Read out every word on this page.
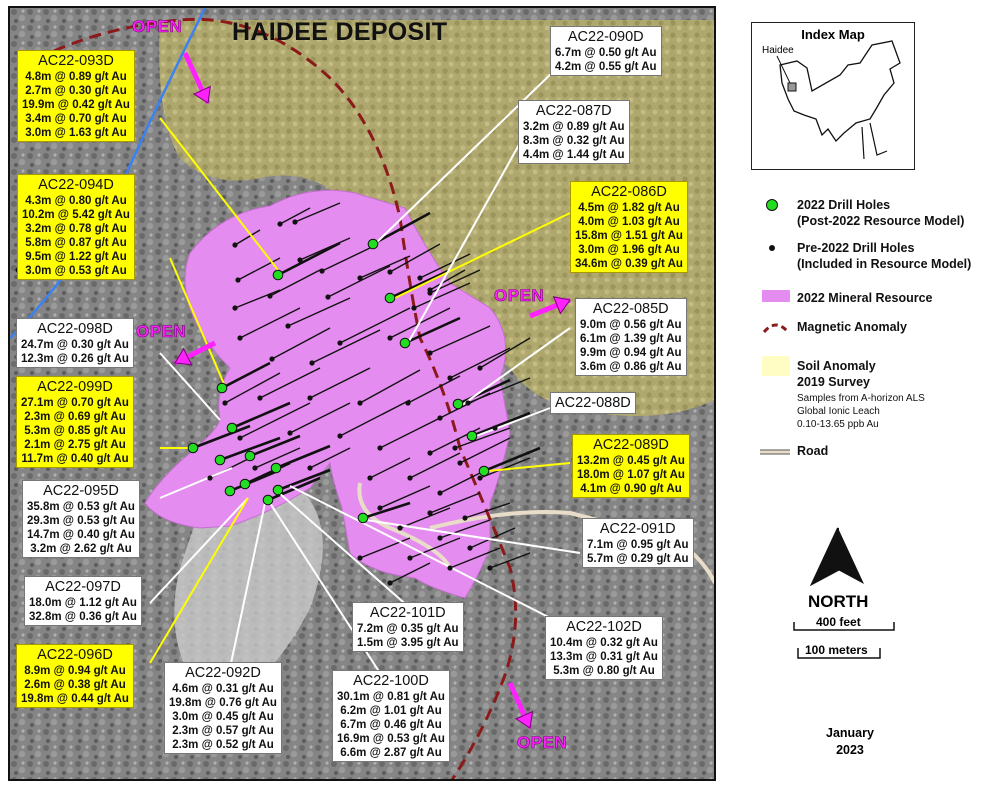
HAIDEE DEPOSIT
OPEN
OPEN
OPEN
OPEN
AC22-093D
4.8m @ 0.89 g/t Au
2.7m @ 0.30 g/t Au
19.9m @ 0.42 g/t Au
3.4m @ 0.70 g/t Au
3.0m @ 1.63 g/t Au
AC22-094D
4.3m @ 0.80 g/t Au
10.2m @ 5.42 g/t Au
3.2m @ 0.78 g/t Au
5.8m @ 0.87 g/t Au
9.5m @ 1.22 g/t Au
3.0m @ 0.53 g/t Au
AC22-098D
24.7m @ 0.30 g/t Au
12.3m @ 0.26 g/t Au
AC22-099D
27.1m @ 0.70 g/t Au
2.3m @ 0.69 g/t Au
5.3m @ 0.85 g/t Au
2.1m @ 2.75 g/t Au
11.7m @ 0.40 g/t Au
AC22-095D
35.8m @ 0.53 g/t Au
29.3m @ 0.53 g/t Au
14.7m @ 0.40 g/t Au
3.2m @ 2.62 g/t Au
AC22-097D
18.0m @ 1.12 g/t Au
32.8m @ 0.36 g/t Au
AC22-096D
8.9m @ 0.94 g/t Au
2.6m @ 0.38 g/t Au
19.8m @ 0.44 g/t Au
AC22-092D
4.6m @ 0.31 g/t Au
19.8m @ 0.76 g/t Au
3.0m @ 0.45 g/t Au
2.3m @ 0.57 g/t Au
2.3m @ 0.52 g/t Au
AC22-100D
30.1m @ 0.81 g/t Au
6.2m @ 1.01 g/t Au
6.7m @ 0.46 g/t Au
16.9m @ 0.53 g/t Au
6.6m @ 2.87 g/t Au
AC22-101D
7.2m @ 0.35 g/t Au
1.5m @ 3.95 g/t Au
AC22-102D
10.4m @ 0.32 g/t Au
13.3m @ 0.31 g/t Au
5.3m @ 0.80 g/t Au
AC22-091D
7.1m @ 0.95 g/t Au
5.7m @ 0.29 g/t Au
AC22-089D
13.2m @ 0.45 g/t Au
18.0m @ 1.07 g/t Au
4.1m @ 0.90 g/t Au
AC22-088D
AC22-085D
9.0m @ 0.56 g/t Au
6.1m @ 1.39 g/t Au
9.9m @ 0.94 g/t Au
3.6m @ 0.86 g/t Au
AC22-086D
4.5m @ 1.82 g/t Au
4.0m @ 1.03 g/t Au
15.8m @ 1.51 g/t Au
3.0m @ 1.96 g/t Au
34.6m @ 0.39 g/t Au
AC22-087D
3.2m @ 0.89 g/t Au
8.3m @ 0.32 g/t Au
4.4m @ 1.44 g/t Au
AC22-090D
6.7m @ 0.50 g/t Au
4.2m @ 0.55 g/t Au
Index Map
Haidee
2022 Drill Holes
(Post-2022 Resource Model)
Pre-2022 Drill Holes
(Included in Resource Model)
2022 Mineral Resource
Magnetic Anomaly
Soil Anomaly
2019 Survey
Samples from A-horizon ALS
Global Ionic Leach
0.10-13.65 ppb Au
Road
NORTH
400 feet
100 meters
January
2023
